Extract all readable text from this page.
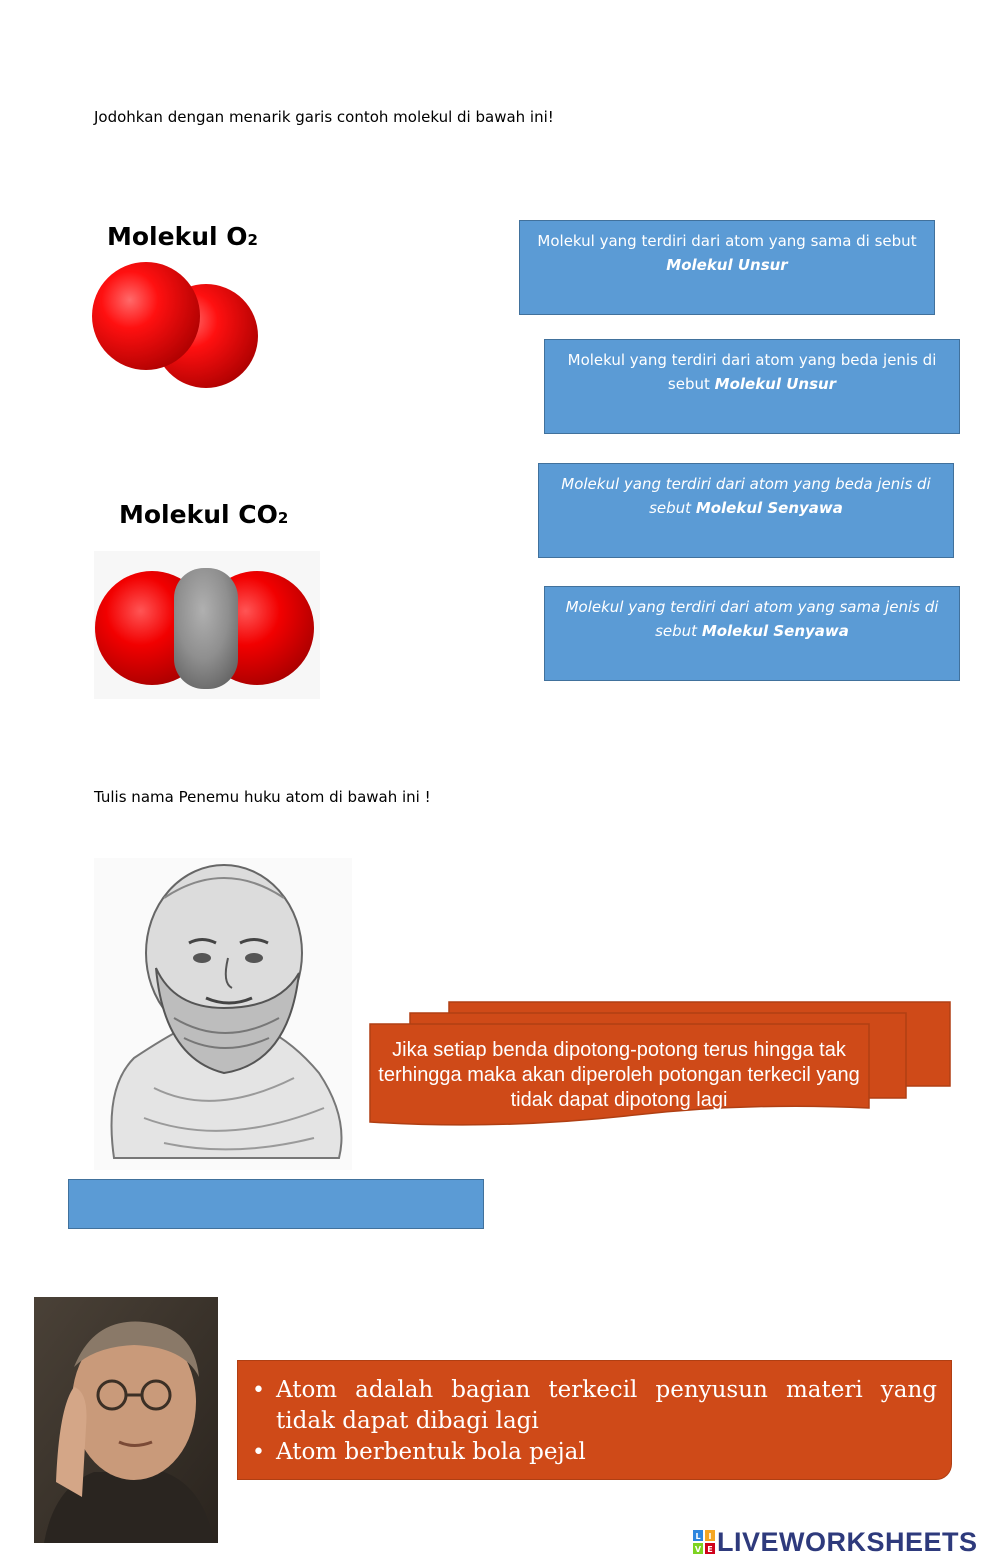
Jodohkan dengan menarik garis contoh molekul di bawah ini!
Molekul O2
Molekul CO2
Molekul yang terdiri dari atom yang sama di sebut Molekul Unsur
Molekul yang terdiri dari atom yang beda jenis di sebut Molekul Unsur
Molekul yang terdiri dari atom yang beda jenis di sebut Molekul Senyawa
Molekul yang terdiri dari atom yang sama jenis di sebut Molekul Senyawa
Tulis nama Penemu huku atom di bawah ini !
Jika setiap benda dipotong-potong terus hingga tak terhingga maka akan diperoleh potongan terkecil yang tidak dapat dipotong lagi
• Atom adalah bagian terkecil penyusun materi yang tidak dapat dibagi lagi
• Atom berbentuk bola pejal
L I
V E LIVEWORKSHEETS
